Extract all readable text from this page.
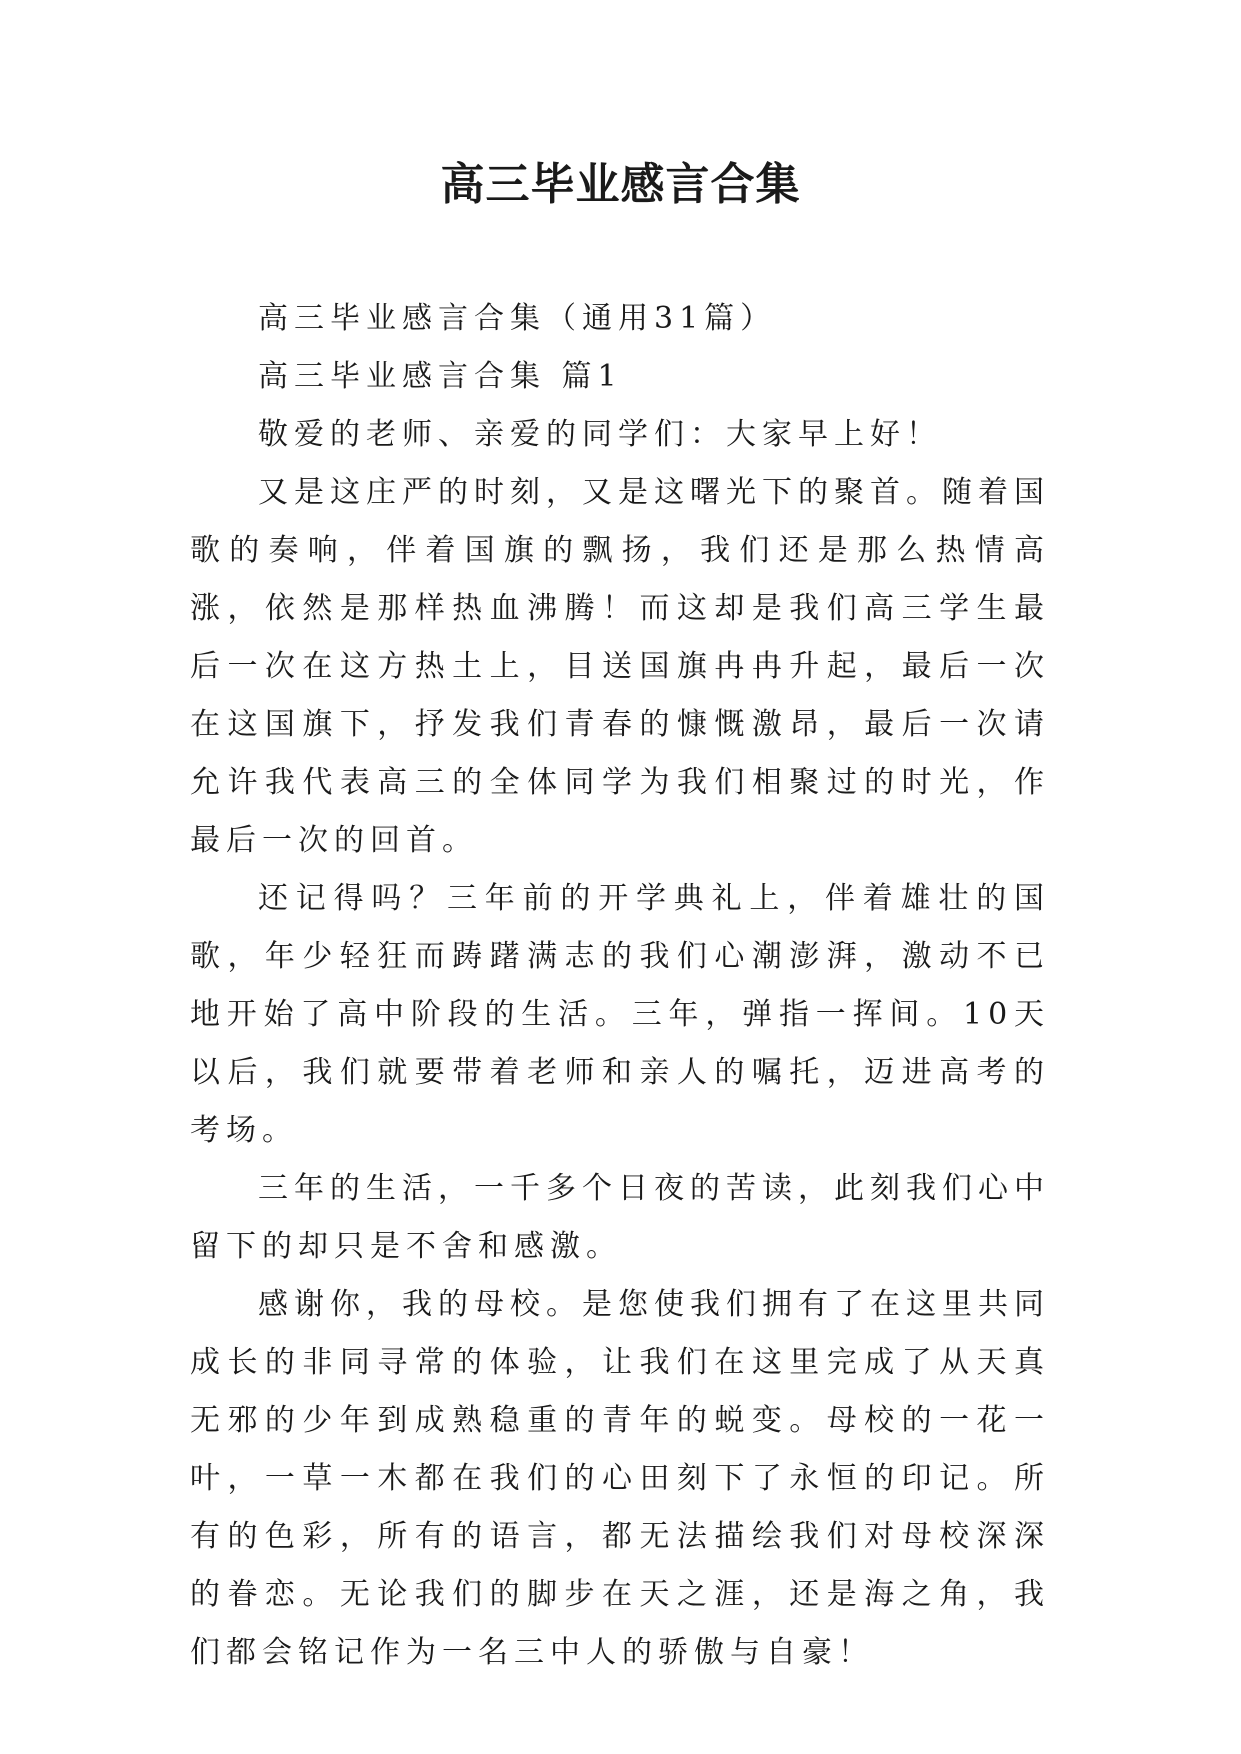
高三毕业感言合集

高三毕业感言合集（通用31篇）

高三毕业感言合集 篇1

敬爱的老师、亲爱的同学们：大家早上好！

又是这庄严的时刻，又是这曙光下的聚首。随着国歌的奏响，伴着国旗的飘扬，我们还是那么热情高涨，依然是那样热血沸腾！而这却是我们高三学生最后一次在这方热土上，目送国旗冉冉升起，最后一次在这国旗下，抒发我们青春的慷慨激昂，最后一次请允许我代表高三的全体同学为我们相聚过的时光，作最后一次的回首。

还记得吗？三年前的开学典礼上，伴着雄壮的国歌，年少轻狂而踌躇满志的我们心潮澎湃，激动不已地开始了高中阶段的生活。三年，弹指一挥间。10天以后，我们就要带着老师和亲人的嘱托，迈进高考的考场。

三年的生活，一千多个日夜的苦读，此刻我们心中留下的却只是不舍和感激。

感谢你，我的母校。是您使我们拥有了在这里共同成长的非同寻常的体验，让我们在这里完成了从天真无邪的少年到成熟稳重的青年的蜕变。母校的一花一叶，一草一木都在我们的心田刻下了永恒的印记。所有的色彩，所有的语言，都无法描绘我们对母校深深的眷恋。无论我们的脚步在天之涯，还是海之角，我们都会铭记作为一名三中人的骄傲与自豪！
